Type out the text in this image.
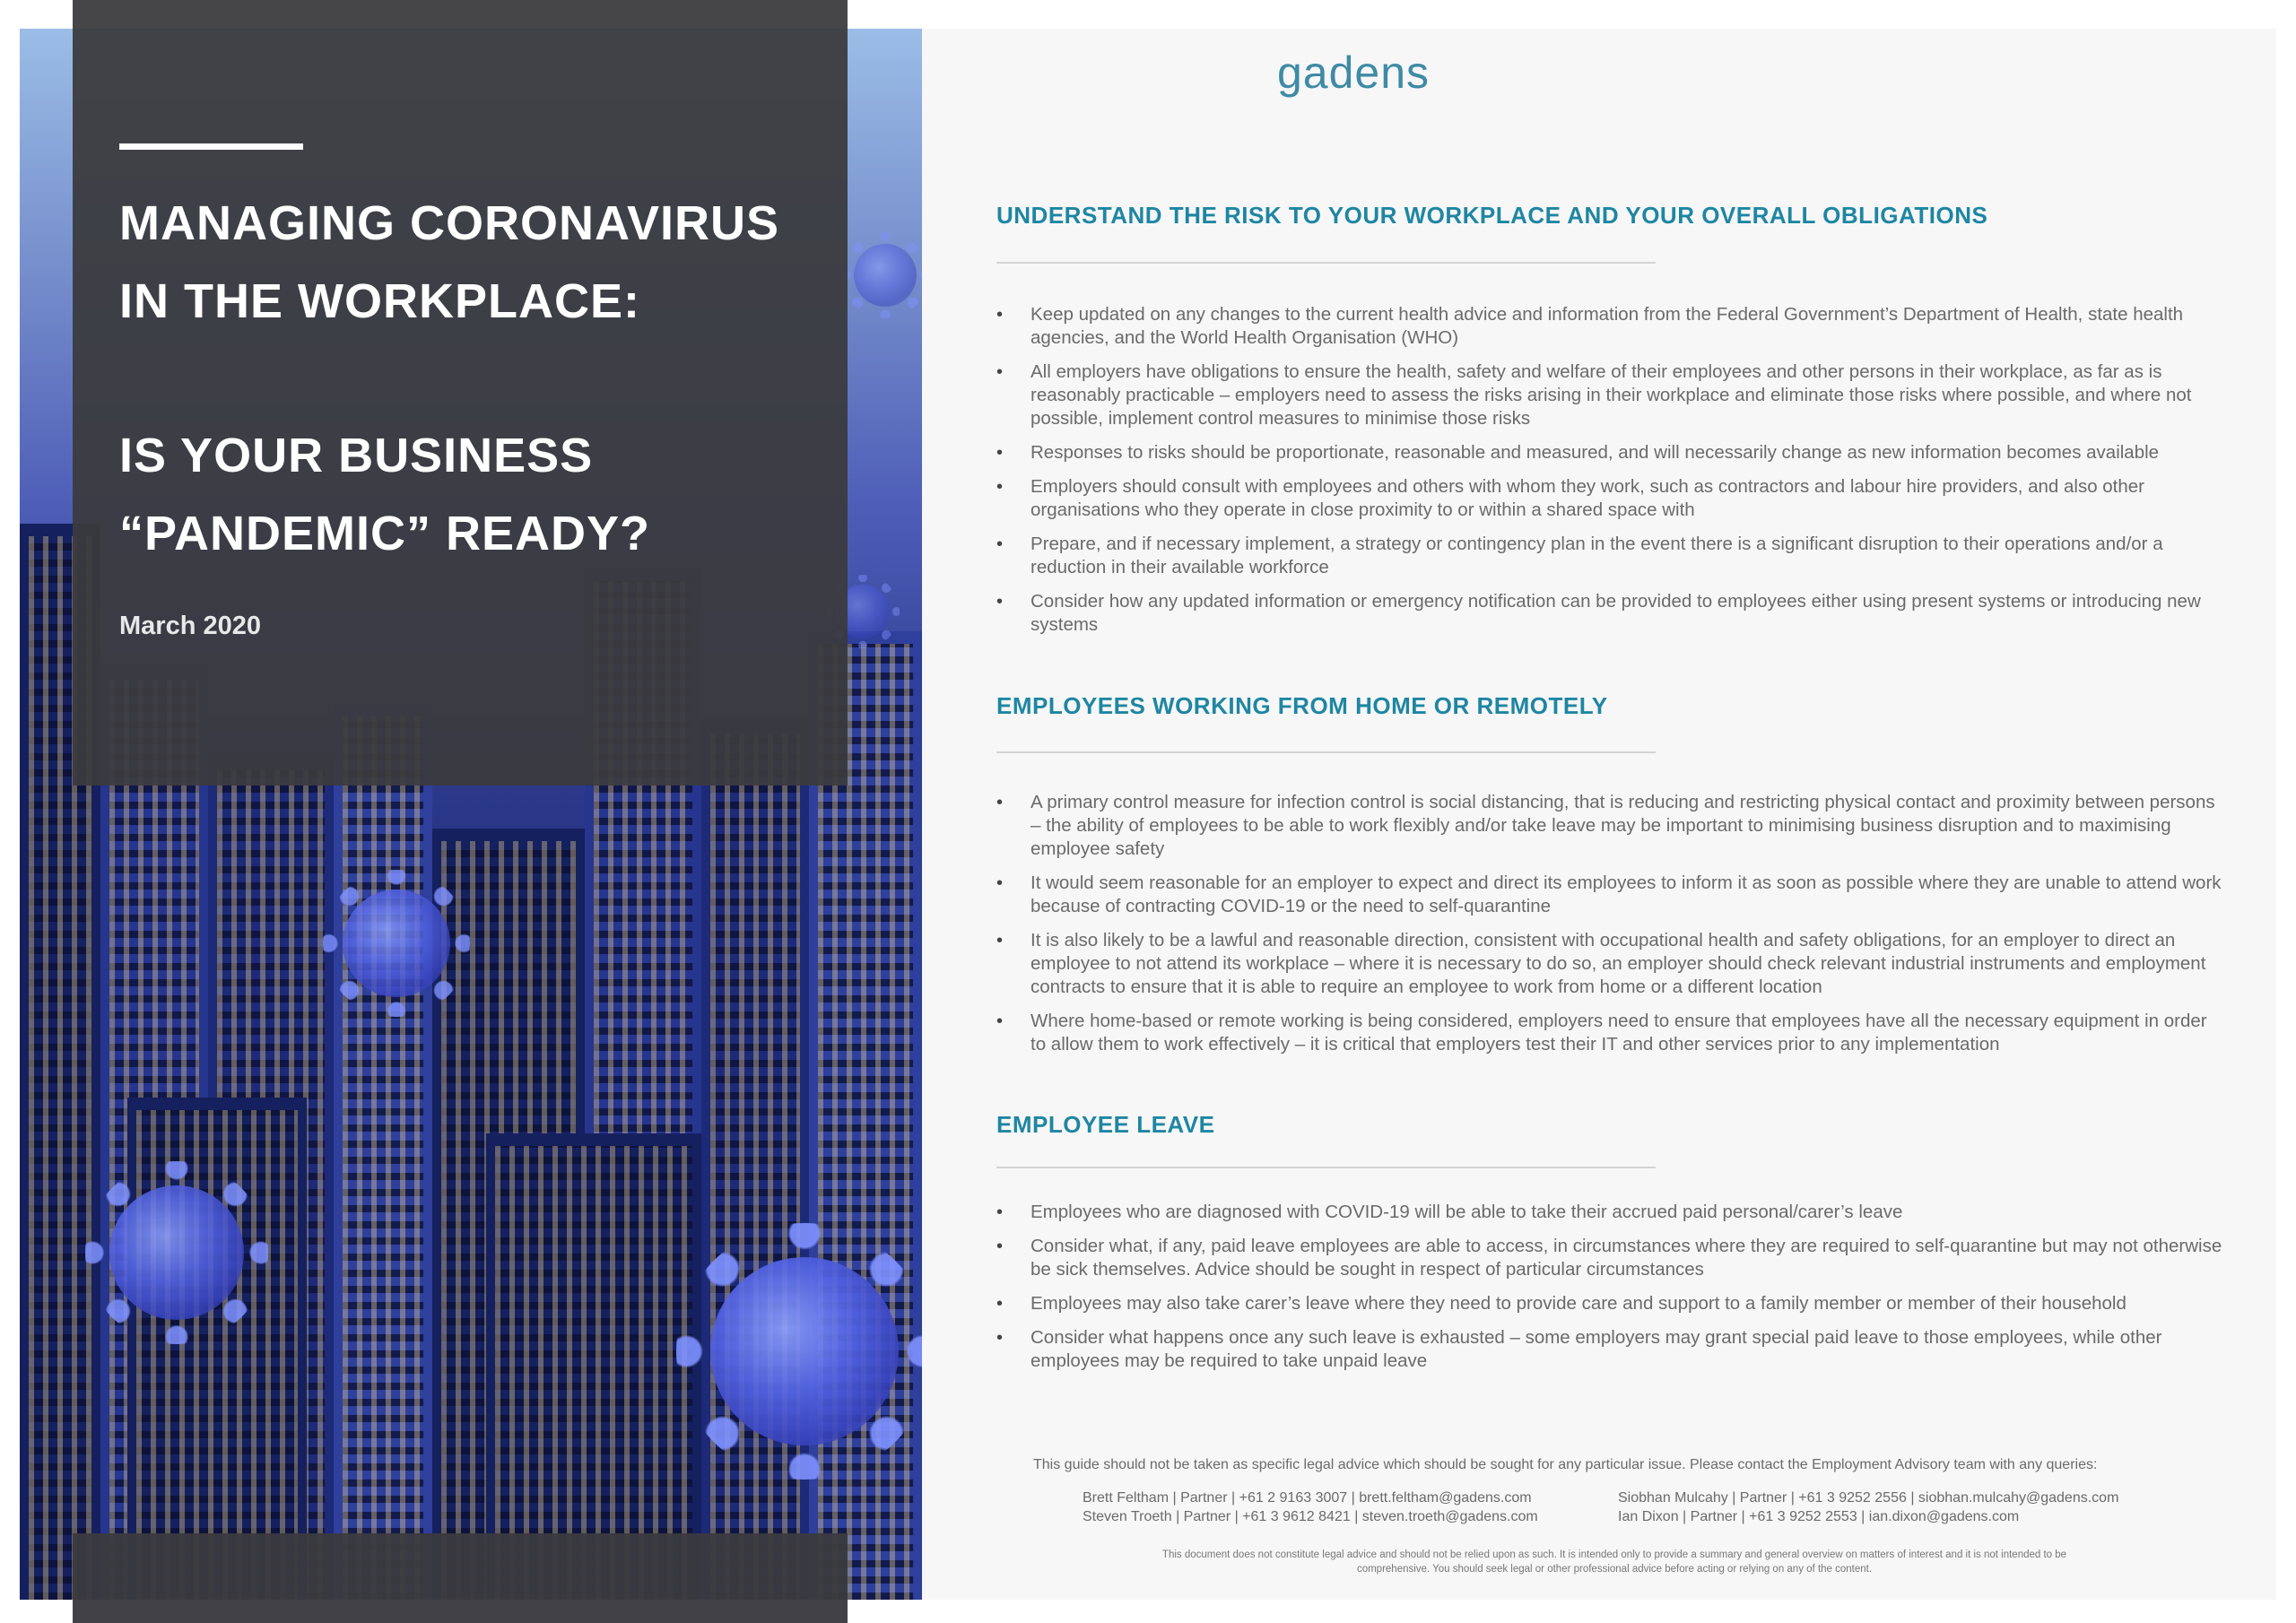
MANAGING CORONAVIRUS
IN THE WORKPLACE:
IS YOUR BUSINESS
“PANDEMIC” READY?
March 2020
gadens
UNDERSTAND THE RISK TO YOUR WORKPLACE AND YOUR OVERALL OBLIGATIONS
• Keep updated on any changes to the current health advice and information from the Federal Government’s Department of Health, state health agencies, and the World Health Organisation (WHO)
• All employers have obligations to ensure the health, safety and welfare of their employees and other persons in their workplace, as far as is reasonably practicable – employers need to assess the risks arising in their workplace and eliminate those risks where possible, and where not possible, implement control measures to minimise those risks
• Responses to risks should be proportionate, reasonable and measured, and will necessarily change as new information becomes available
• Employers should consult with employees and others with whom they work, such as contractors and labour hire providers, and also other organisations who they operate in close proximity to or within a shared space with
• Prepare, and if necessary implement, a strategy or contingency plan in the event there is a significant disruption to their operations and/or a reduction in their available workforce
• Consider how any updated information or emergency notification can be provided to employees either using present systems or introducing new systems
EMPLOYEES WORKING FROM HOME OR REMOTELY
• A primary control measure for infection control is social distancing, that is reducing and restricting physical contact and proximity between persons – the ability of employees to be able to work flexibly and/or take leave may be important to minimising business disruption and to maximising employee safety
• It would seem reasonable for an employer to expect and direct its employees to inform it as soon as possible where they are unable to attend work because of contracting COVID-19 or the need to self-quarantine
• It is also likely to be a lawful and reasonable direction, consistent with occupational health and safety obligations, for an employer to direct an employee to not attend its workplace – where it is necessary to do so, an employer should check relevant industrial instruments and employment contracts to ensure that it is able to require an employee to work from home or a different location
• Where home-based or remote working is being considered, employers need to ensure that employees have all the necessary equipment in order to allow them to work effectively – it is critical that employers test their IT and other services prior to any implementation
EMPLOYEE LEAVE
• Employees who are diagnosed with COVID-19 will be able to take their accrued paid personal/carer’s leave
• Consider what, if any, paid leave employees are able to access, in circumstances where they are required to self-quarantine but may not otherwise be sick themselves. Advice should be sought in respect of particular circumstances
• Employees may also take carer’s leave where they need to provide care and support to a family member or member of their household
• Consider what happens once any such leave is exhausted – some employers may grant special paid leave to those employees, while other employees may be required to take unpaid leave
This guide should not be taken as specific legal advice which should be sought for any particular issue. Please contact the Employment Advisory team with any queries:
Brett Feltham | Partner | +61 2 9163 3007 | brett.feltham@gadens.com
Steven Troeth | Partner | +61 3 9612 8421 | steven.troeth@gadens.com
Siobhan Mulcahy | Partner | +61 3 9252 2556 | siobhan.mulcahy@gadens.com
Ian Dixon | Partner | +61 3 9252 2553 | ian.dixon@gadens.com
This document does not constitute legal advice and should not be relied upon as such. It is intended only to provide a summary and general overview on matters of interest and it is not intended to be
comprehensive. You should seek legal or other professional advice before acting or relying on any of the content.
